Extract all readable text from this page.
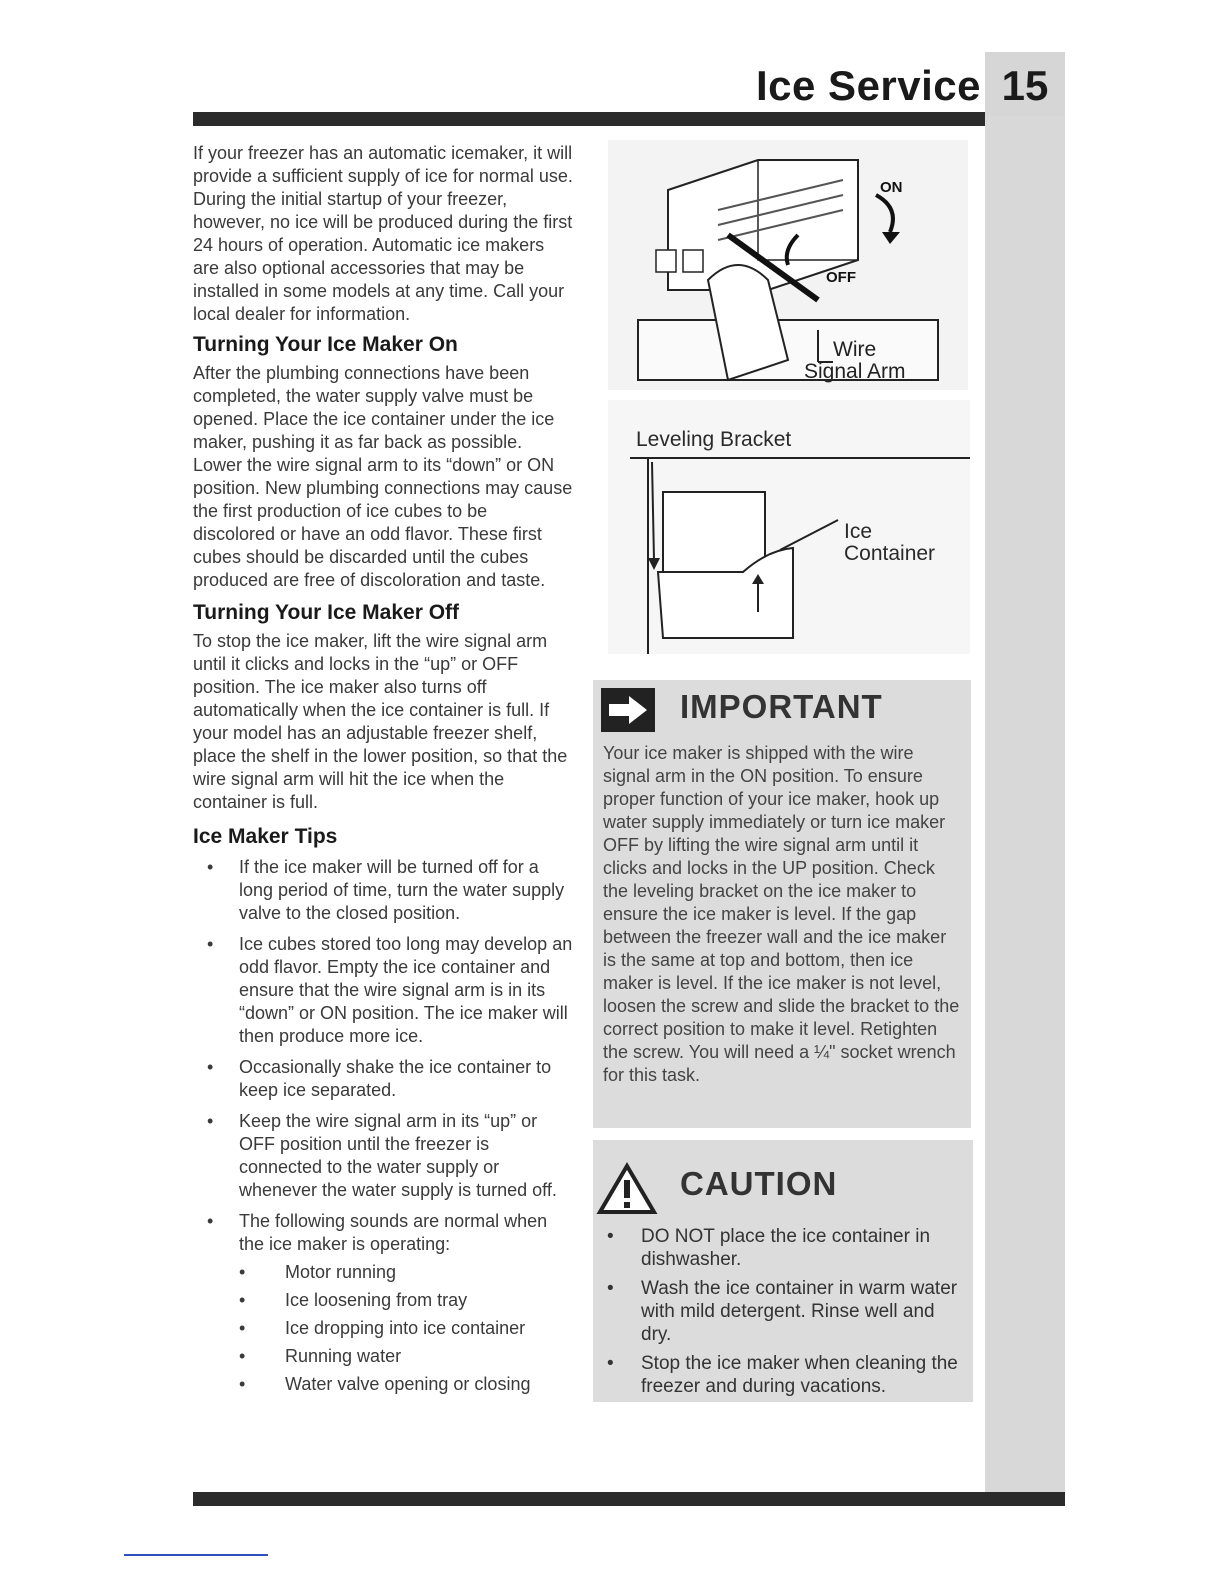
Ice Service 15

If your freezer has an automatic icemaker, it will provide a sufficient supply of ice for normal use. During the initial startup of your freezer, however, no ice will be produced during the first 24 hours of operation. Automatic ice makers are also optional accessories that may be installed in some models at any time. Call your local dealer for information.

Turning Your Ice Maker On

After the plumbing connections have been completed, the water supply valve must be opened. Place the ice container under the ice maker, pushing it as far back as possible. Lower the wire signal arm to its “down” or ON position. New plumbing connections may cause the first production of ice cubes to be discolored or have an odd flavor. These first cubes should be discarded until the cubes produced are free of discoloration and taste.

Turning Your Ice Maker Off

To stop the ice maker, lift the wire signal arm until it clicks and locks in the “up” or OFF position. The ice maker also turns off automatically when the ice container is full. If your model has an adjustable freezer shelf, place the shelf in the lower position, so that the wire signal arm will hit the ice when the container is full.

Ice Maker Tips

• If the ice maker will be turned off for a long period of time, turn the water supply valve to the closed position.
• Ice cubes stored too long may develop an odd flavor. Empty the ice container and ensure that the wire signal arm is in its “down” or ON position. The ice maker will then produce more ice.
• Occasionally shake the ice container to keep ice separated.
• Keep the wire signal arm in its “up” or OFF position until the freezer is connected to the water supply or whenever the water supply is turned off.
• The following sounds are normal when the ice maker is operating:
• Motor running
• Ice loosening from tray
• Ice dropping into ice container
• Running water
• Water valve opening or closing
ON
OFF
Wire
Signal Arm
Leveling Bracket
Ice
Container
IMPORTANT

Your ice maker is shipped with the wire signal arm in the ON position. To ensure proper function of your ice maker, hook up water supply immediately or turn ice maker OFF by lifting the wire signal arm until it clicks and locks in the UP position. Check the leveling bracket on the ice maker to ensure the ice maker is level. If the gap between the freezer wall and the ice maker is the same at top and bottom, then ice maker is level. If the ice maker is not level, loosen the screw and slide the bracket to the correct position to make it level. Retighten the screw. You will need a ¼" socket wrench for this task.

CAUTION
• DO NOT place the ice container in dishwasher.
• Wash the ice container in warm water with mild detergent. Rinse well and dry.
• Stop the ice maker when cleaning the freezer and during vacations.
